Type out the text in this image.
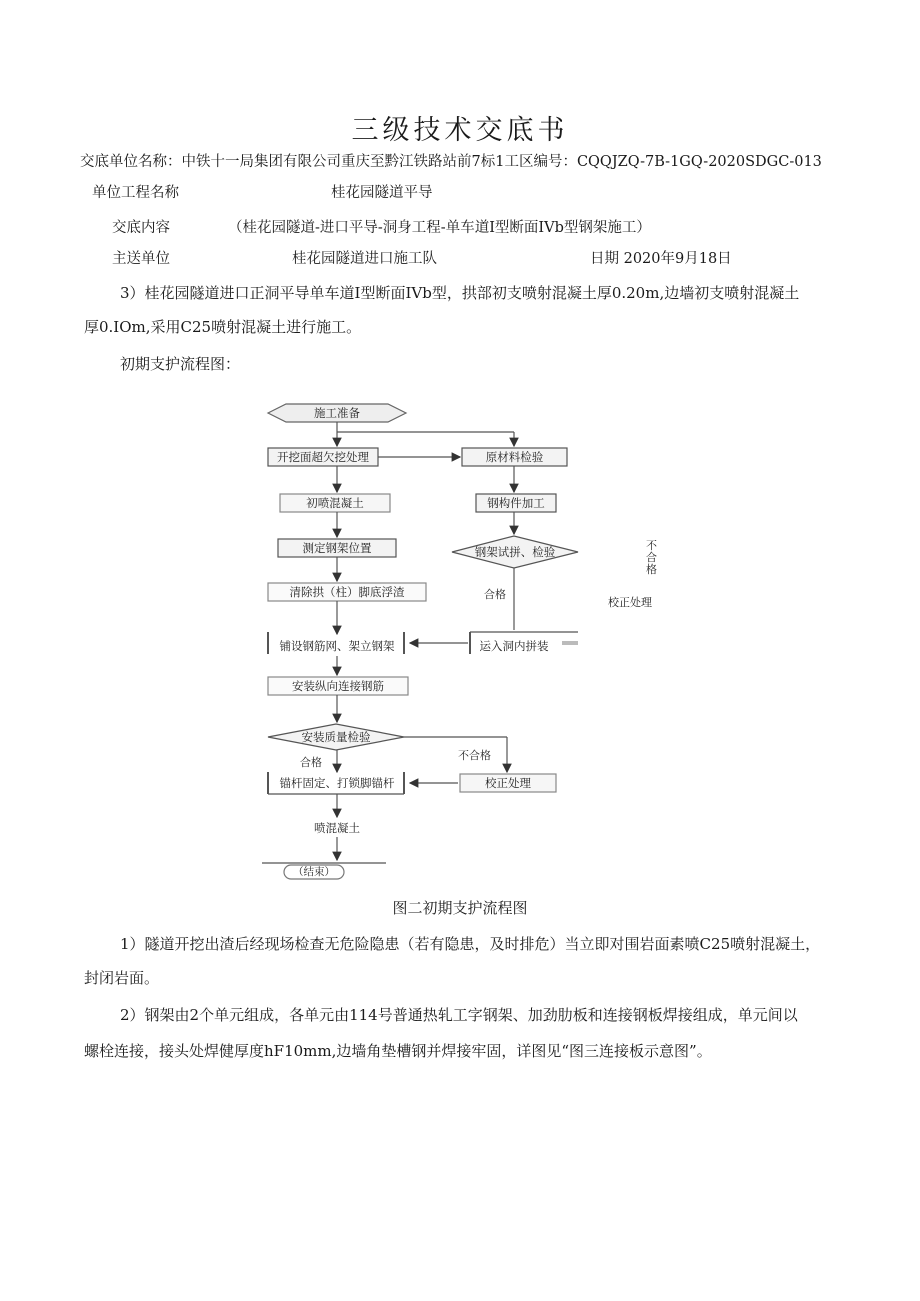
三级技术交底书
交底单位名称：中铁十一局集团有限公司重庆至黔江铁路站前7标1工区编号：CQQJZQ-7B-1GQ-2020SDGC-013
单位工程名称	桂花园隧道平导
交底内容	（桂花园隧道-进口平导-洞身工程-单车道I型断面IVb型钢架施工）
主送单位	桂花园隧道进口施工队	日期 2020年9月18日
3）桂花园隧道进口正洞平导单车道I型断面IVb型，拱部初支喷射混凝土厚0.20m,边墙初支喷射混凝土
厚0.IOm,采用C25喷射混凝土进行施工。
初期支护流程图：
施工准备
开挖面超欠挖处理	原材料检验
初喷混凝土	钢构件加工
测定钢架位置	钢架试拼、检验	不合格
合格
校正处理
清除拱（柱）脚底浮渣
铺设钢筋网、架立钢架	运入洞内拼装
安装纵向连接钢筋
安装质量检验
合格
不合格
锚杆固定、打锁脚锚杆	校正处理
喷混凝土
（结束）
图二初期支护流程图
1）隧道开挖出渣后经现场检查无危险隐患（若有隐患，及时排危）当立即对围岩面素喷C25喷射混凝土，
封闭岩面。
2）钢架由2个单元组成，各单元由114号普通热轧工字钢架、加劲肋板和连接钢板焊接组成，单元间以
螺栓连接，接头处焊健厚度hF10mm,边墙角垫槽钢并焊接牢固，详图见“图三连接板示意图”。
